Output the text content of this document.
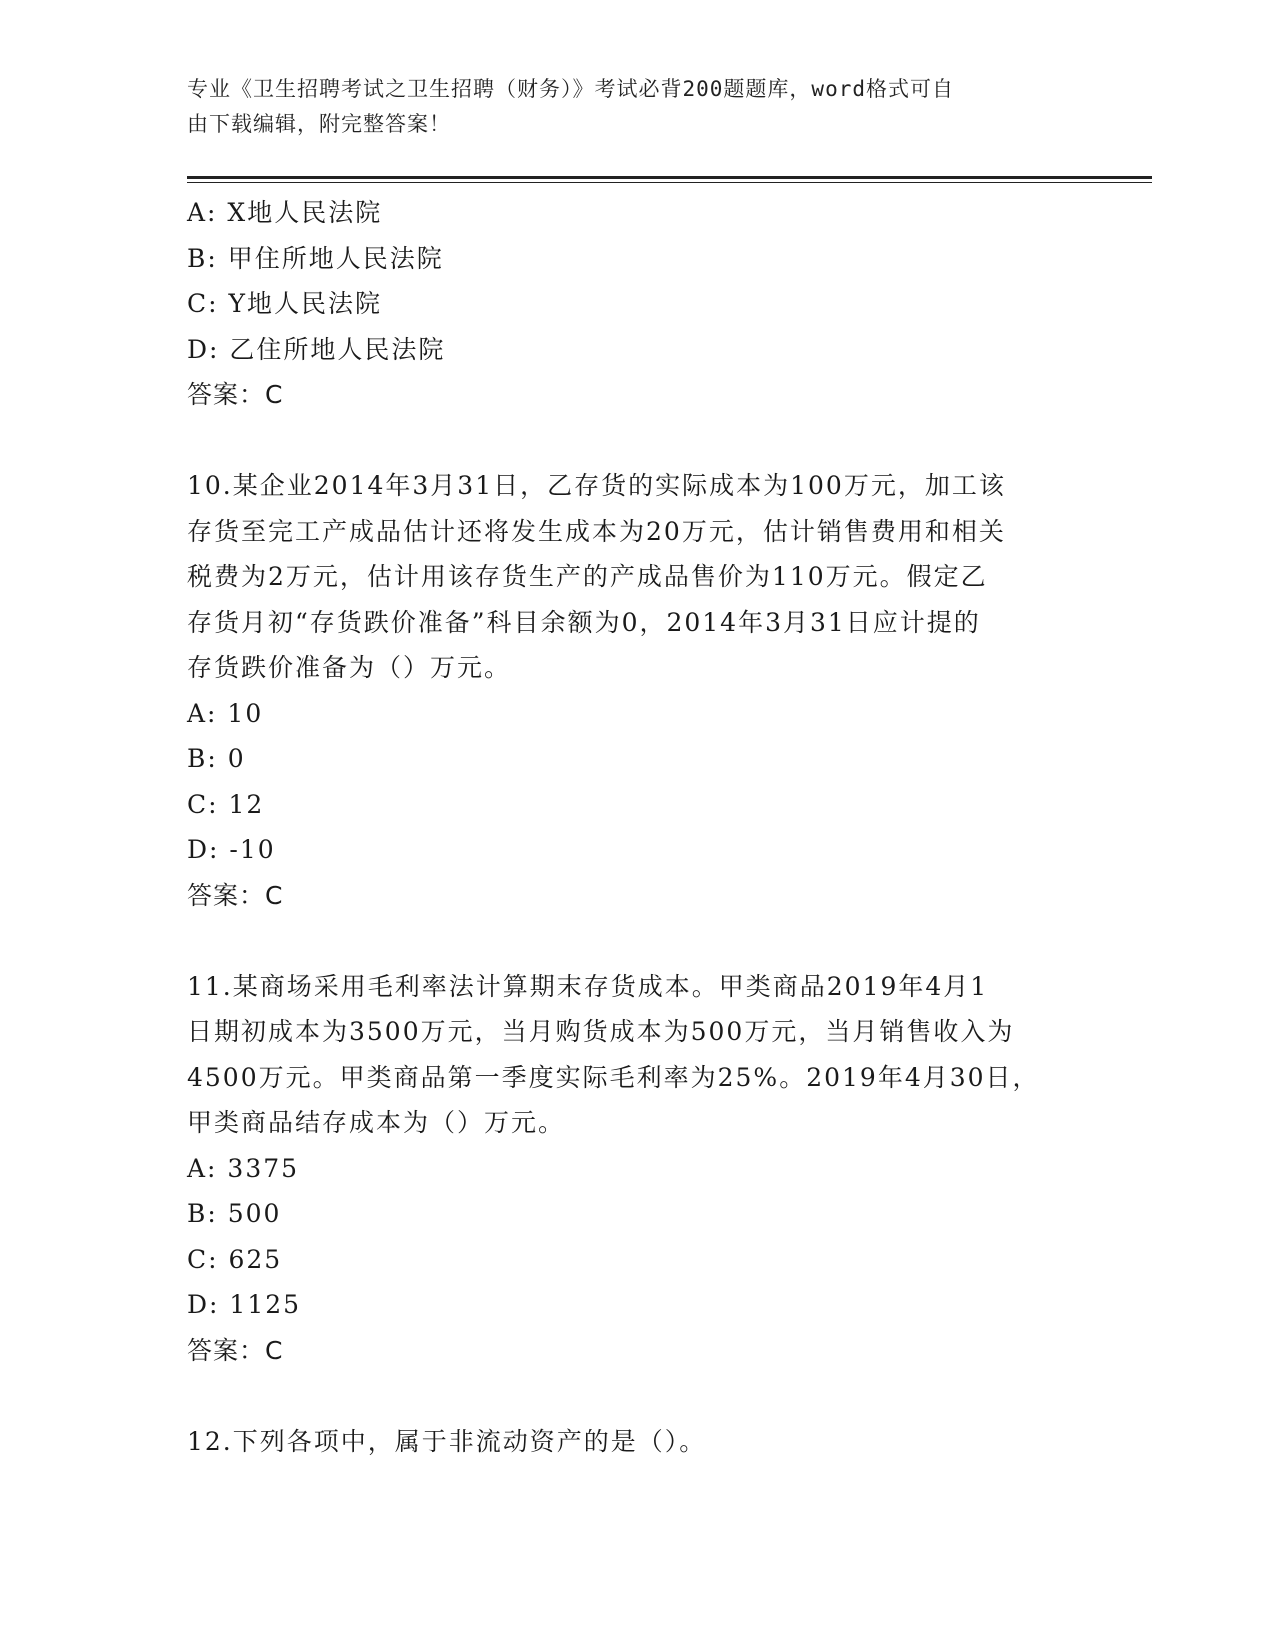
专业《卫生招聘考试之卫生招聘（财务）》考试必背200题题库，word格式可自
由下载编辑，附完整答案！
A: X地人民法院
B: 甲住所地人民法院
C: Y地人民法院
D: 乙住所地人民法院
答案：C
10.某企业2014年3月31日，乙存货的实际成本为100万元，加工该
存货至完工产成品估计还将发生成本为20万元，估计销售费用和相关
税费为2万元，估计用该存货生产的产成品售价为110万元。假定乙
存货月初“存货跌价准备”科目余额为0，2014年3月31日应计提的
存货跌价准备为（）万元。
A: 10
B: 0
C: 12
D: -10
答案：C
11.某商场采用毛利率法计算期末存货成本。甲类商品2019年4月1
日期初成本为3500万元，当月购货成本为500万元，当月销售收入为
4500万元。甲类商品第一季度实际毛利率为25%。2019年4月30日，
甲类商品结存成本为（）万元。
A: 3375
B: 500
C: 625
D: 1125
答案：C
12.下列各项中，属于非流动资产的是（）。
